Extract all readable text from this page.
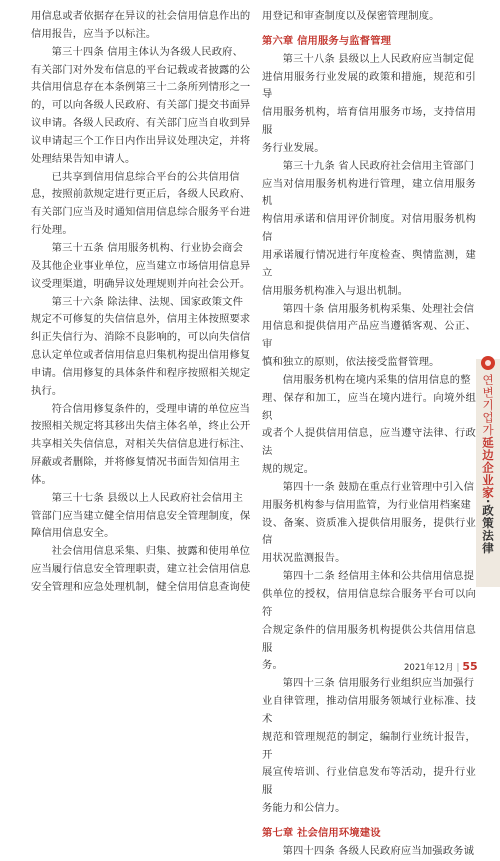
用信息或者依据存在异议的社会信用信息作出的
信用报告，应当予以标注。

第三十四条 信用主体认为各级人民政府、
有关部门对外发布信息的平台记载或者披露的公
共信用信息存在本条例第三十二条所列情形之一
的，可以向各级人民政府、有关部门提交书面异
议申请。各级人民政府、有关部门应当自收到异
议申请起三个工作日内作出异议处理决定，并将
处理结果告知申请人。

已共享到信用信息综合平台的公共信用信
息，按照前款规定进行更正后，各级人民政府、
有关部门应当及时通知信用信息综合服务平台进
行处理。

第三十五条 信用服务机构、行业协会商会
及其他企业事业单位，应当建立市场信用信息异
议受理渠道，明确异议处理规则并向社会公开。

第三十六条 除法律、法规、国家政策文件
规定不可修复的失信信息外，信用主体按照要求
纠正失信行为、消除不良影响的，可以向失信信
息认定单位或者信用信息归集机构提出信用修复
申请。信用修复的具体条件和程序按照相关规定
执行。

符合信用修复条件的，受理申请的单位应当
按照相关规定将其移出失信主体名单，终止公开
共享相关失信信息，对相关失信信息进行标注、
屏蔽或者删除，并将修复情况书面告知信用主
体。

第三十七条 县级以上人民政府社会信用主
管部门应当建立健全信用信息安全管理制度，保
障信用信息安全。

社会信用信息采集、归集、披露和使用单位
应当履行信息安全管理职责，建立社会信用信息
安全管理和应急处理机制，健全信用信息查询使

用登记和审查制度以及保密管理制度。

第六章 信用服务与监督管理

第三十八条 县级以上人民政府应当制定促
进信用服务行业发展的政策和措施，规范和引导
信用服务机构，培育信用服务市场，支持信用服
务行业发展。

第三十九条 省人民政府社会信用主管部门
应当对信用服务机构进行管理，建立信用服务机
构信用承诺和信用评价制度。对信用服务机构信
用承诺履行情况进行年度检查、舆情监测，建立
信用服务机构准入与退出机制。

第四十条 信用服务机构采集、处理社会信
用信息和提供信用产品应当遵循客观、公正、审
慎和独立的原则，依法接受监督管理。

信用服务机构在境内采集的信用信息的整
理、保存和加工，应当在境内进行。向境外组织
或者个人提供信用信息，应当遵守法律、行政法
规的规定。

第四十一条 鼓励在重点行业管理中引入信
用服务机构参与信用监管，为行业信用档案建
设、备案、资质准入提供信用服务，提供行业信
用状况监测报告。

第四十二条 经信用主体和公共信用信息提
供单位的授权，信用信息综合服务平台可以向符
合规定条件的信用服务机构提供公共信用信息服
务。

第四十三条 信用服务行业组织应当加强行
业自律管理，推动信用服务领域行业标准、技术
规范和管理规范的制定，编制行业统计报告，开
展宣传培训、行业信息发布等活动，提升行业服
务能力和公信力。

第七章 社会信用环境建设

第四十四条 各级人民政府应当加强政务诚

연변기업가延边企业家·政策法律
2021年12月 | 55
